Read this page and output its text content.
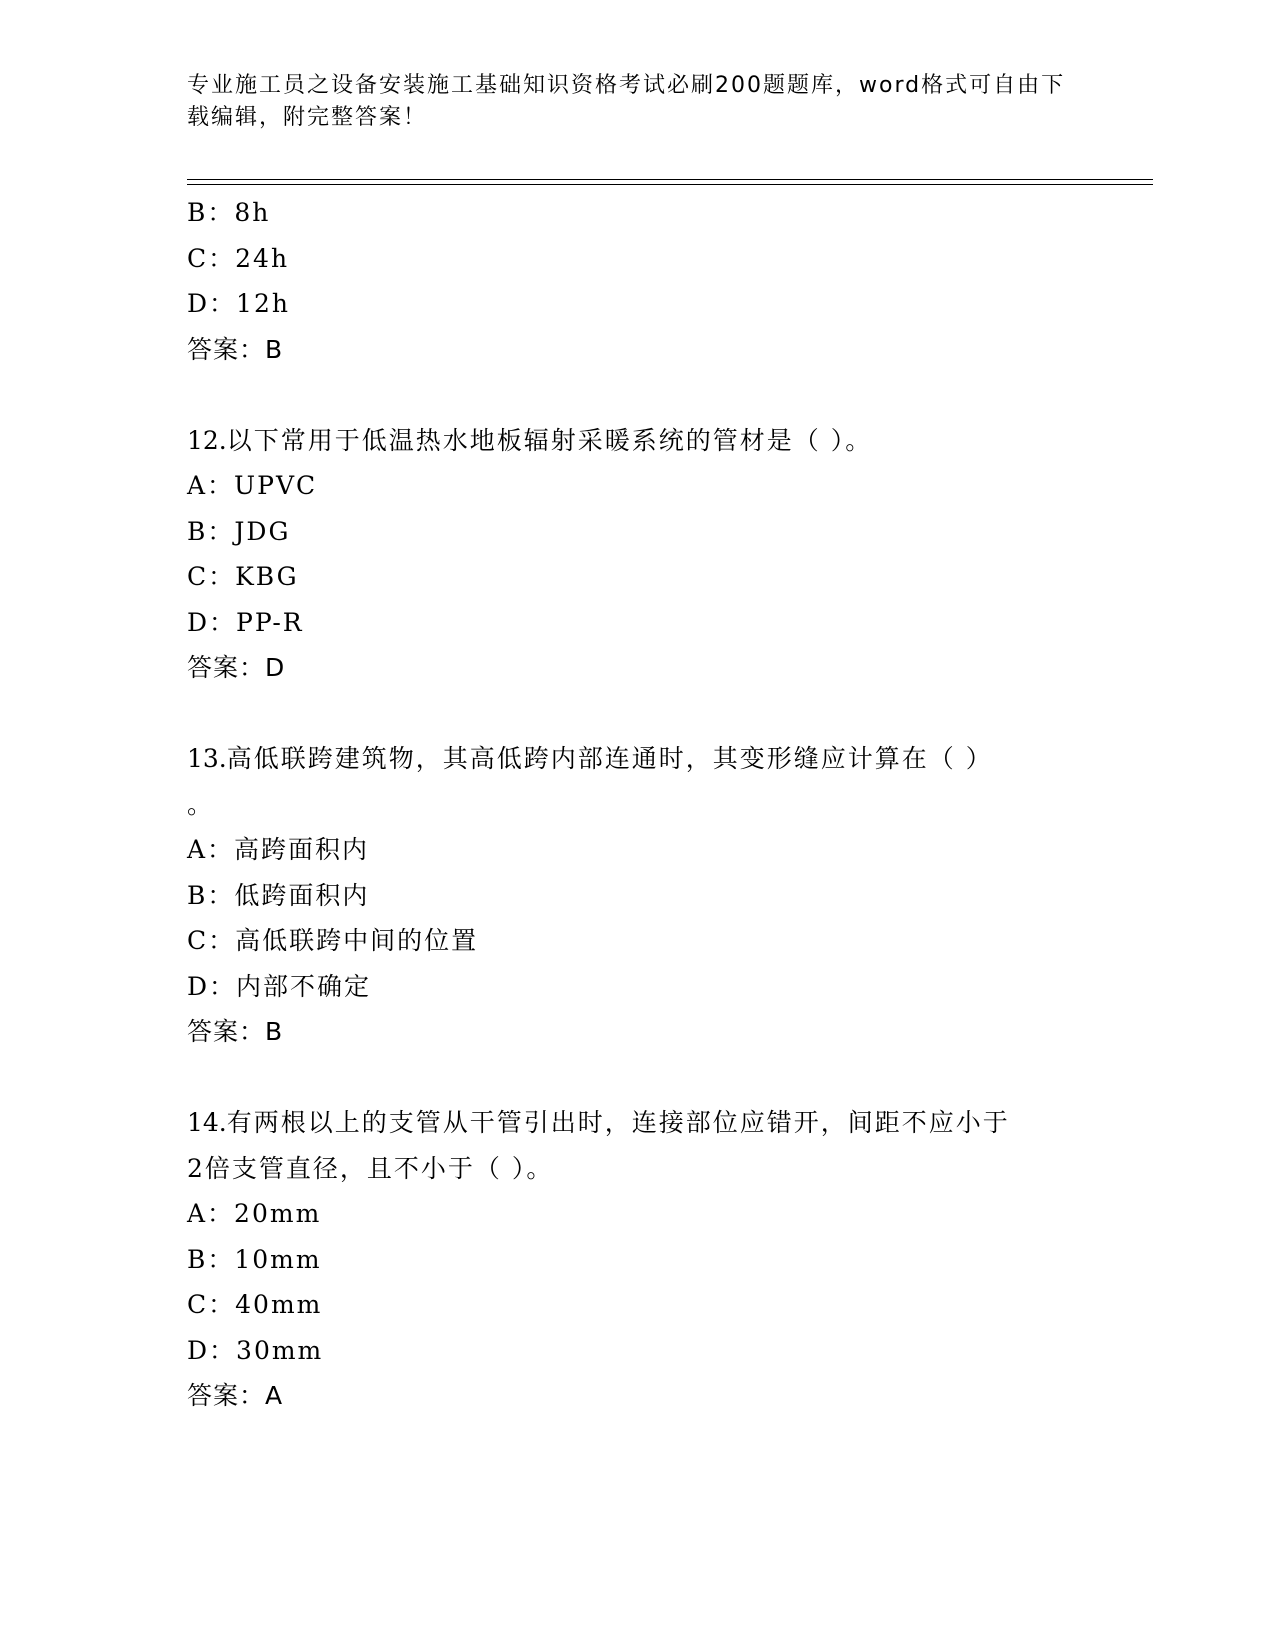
专业施工员之设备安装施工基础知识资格考试必刷200题题库，word格式可自由下载编辑，附完整答案！
B：8h
C：24h
D：12h
答案：B
12.以下常用于低温热水地板辐射采暖系统的管材是（ ）。
A：UPVC
B：JDG
C：KBG
D：PP-R
答案：D
13.高低联跨建筑物，其高低跨内部连通时，其变形缝应计算在（ ）
。
A：高跨面积内
B：低跨面积内
C：高低联跨中间的位置
D：内部不确定
答案：B
14.有两根以上的支管从干管引出时，连接部位应错开，间距不应小于
2倍支管直径，且不小于（ ）。
A：20mm
B：10mm
C：40mm
D：30mm
答案：A
